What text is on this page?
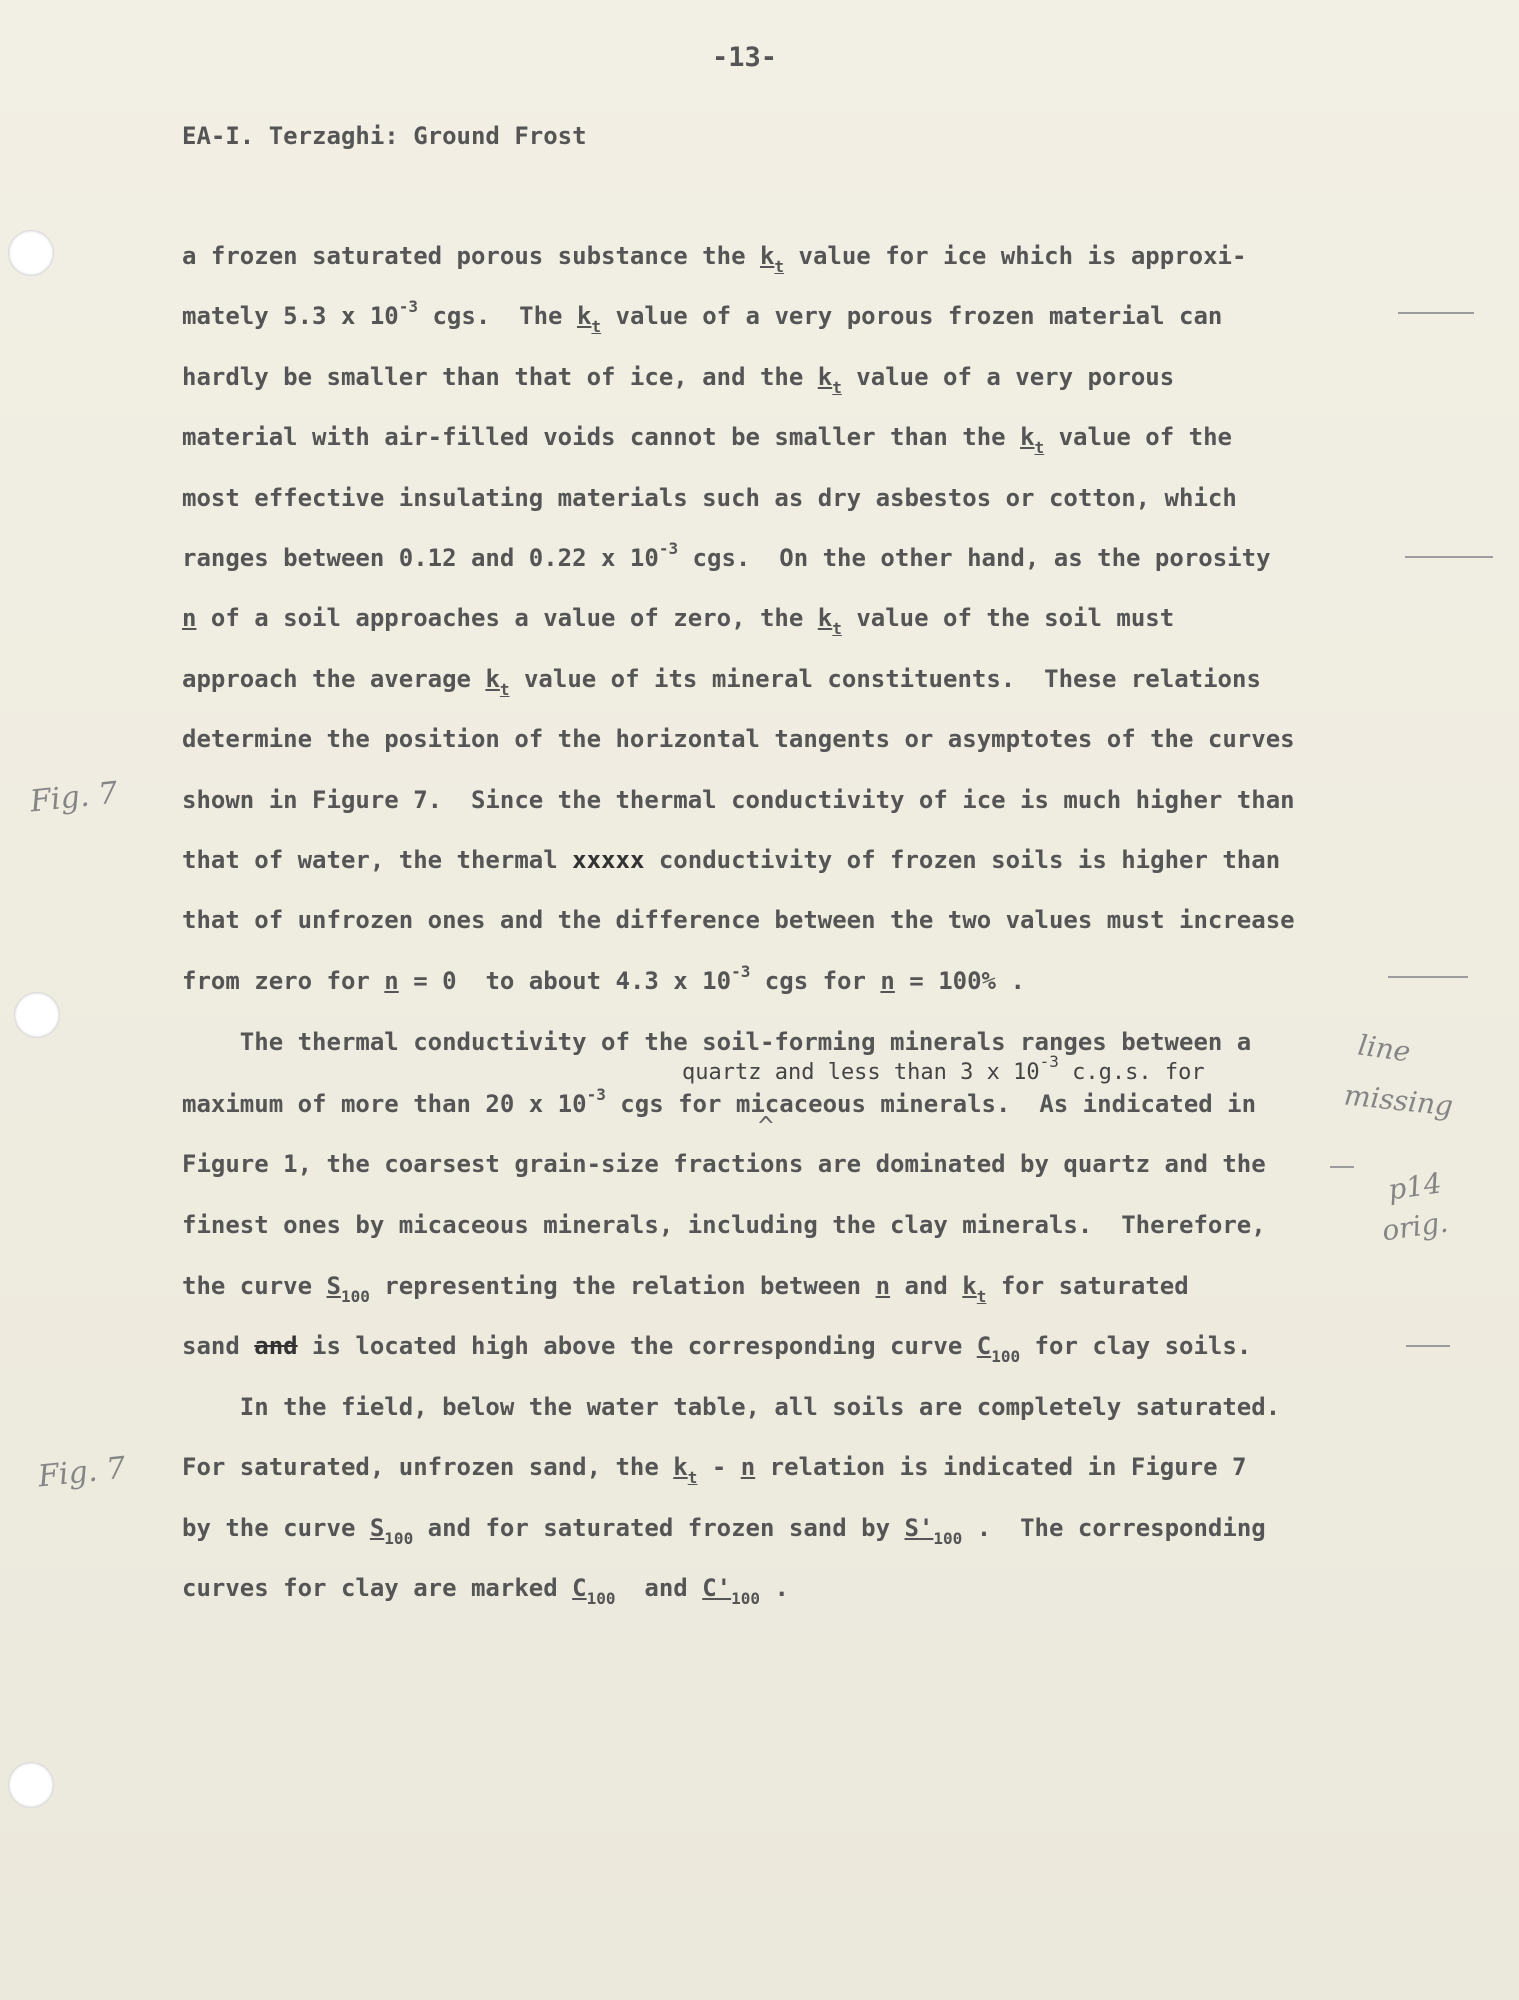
-13-
EA-I. Terzaghi: Ground Frost
a frozen saturated porous substance the $k_t$ value for ice which is approxi-
mately 5.3 x $10^{-3}$ cgs.  The $k_t$ value of a very porous frozen material can
hardly be smaller than that of ice, and the $k_t$ value of a very porous
material with air-filled voids cannot be smaller than the $k_t$ value of the
most effective insulating materials such as dry asbestos or cotton, which
ranges between 0.12 and 0.22 x $10^{-3}$ cgs.  On the other hand, as the porosity
n of a soil approaches a value of zero, the $k_t$ value of the soil must
approach the average $k_t$ value of its mineral constituents.  These relations
determine the position of the horizontal tangents or asymptotes of the curves
shown in Figure 7.  Since the thermal conductivity of ice is much higher than
that of water, the thermal xxxxx conductivity of frozen soils is higher than
that of unfrozen ones and the difference between the two values must increase
from zero for n = 0  to about 4.3 x $10^{-3}$ cgs for n = 100% .
The thermal conductivity of the soil-forming minerals ranges between a
quartz and less than 3 x $10^{-3}$ c.g.s. for
^
maximum of more than 20 x $10^{-3}$ cgs for micaceous minerals.  As indicated in
Figure 1, the coarsest grain-size fractions are dominated by quartz and the
finest ones by micaceous minerals, including the clay minerals.  Therefore,
the curve $S_{100}$ representing the relation between n and $k_t$ for saturated
sand and is located high above the corresponding curve $C_{100}$ for clay soils.
In the field, below the water table, all soils are completely saturated.
For saturated, unfrozen sand, the $k_t$ - n relation is indicated in Figure 7
by the curve $S_{100}$ and for saturated frozen sand by $S'_{100}$ .  The corresponding
curves for clay are marked $C_{100}$  and $C'_{100}$ .
Fig. 7
Fig. 7
line
missing
p14
orig.
